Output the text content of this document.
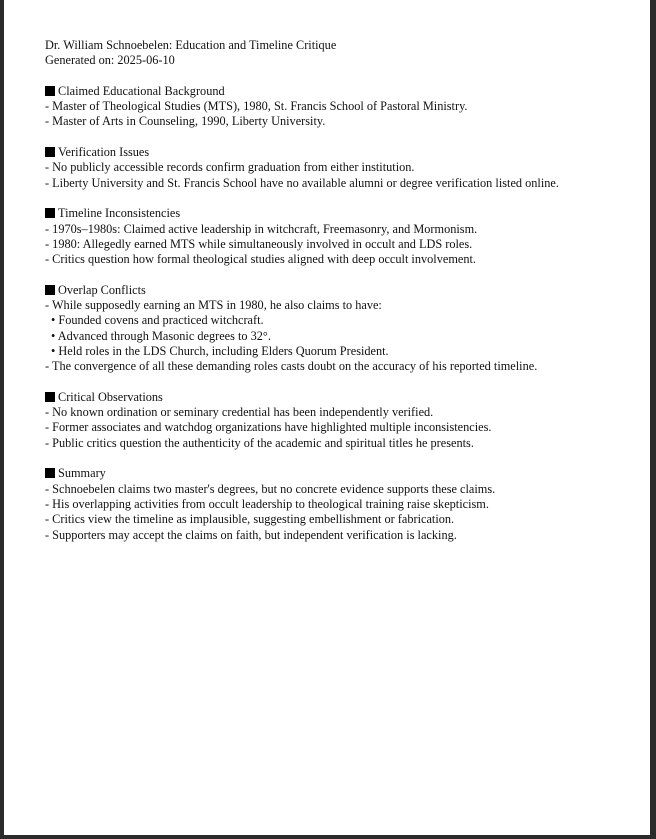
Dr. William Schnoebelen: Education and Timeline Critique
Generated on: 2025-06-10
Claimed Educational Background
- Master of Theological Studies (MTS), 1980, St. Francis School of Pastoral Ministry.
- Master of Arts in Counseling, 1990, Liberty University.
Verification Issues
- No publicly accessible records confirm graduation from either institution.
- Liberty University and St. Francis School have no available alumni or degree verification listed online.
Timeline Inconsistencies
- 1970s–1980s: Claimed active leadership in witchcraft, Freemasonry, and Mormonism.
- 1980: Allegedly earned MTS while simultaneously involved in occult and LDS roles.
- Critics question how formal theological studies aligned with deep occult involvement.
Overlap Conflicts
- While supposedly earning an MTS in 1980, he also claims to have:
• Founded covens and practiced witchcraft.
• Advanced through Masonic degrees to 32°.
• Held roles in the LDS Church, including Elders Quorum President.
- The convergence of all these demanding roles casts doubt on the accuracy of his reported timeline.
Critical Observations
- No known ordination or seminary credential has been independently verified.
- Former associates and watchdog organizations have highlighted multiple inconsistencies.
- Public critics question the authenticity of the academic and spiritual titles he presents.
Summary
- Schnoebelen claims two master's degrees, but no concrete evidence supports these claims.
- His overlapping activities from occult leadership to theological training raise skepticism.
- Critics view the timeline as implausible, suggesting embellishment or fabrication.
- Supporters may accept the claims on faith, but independent verification is lacking.
